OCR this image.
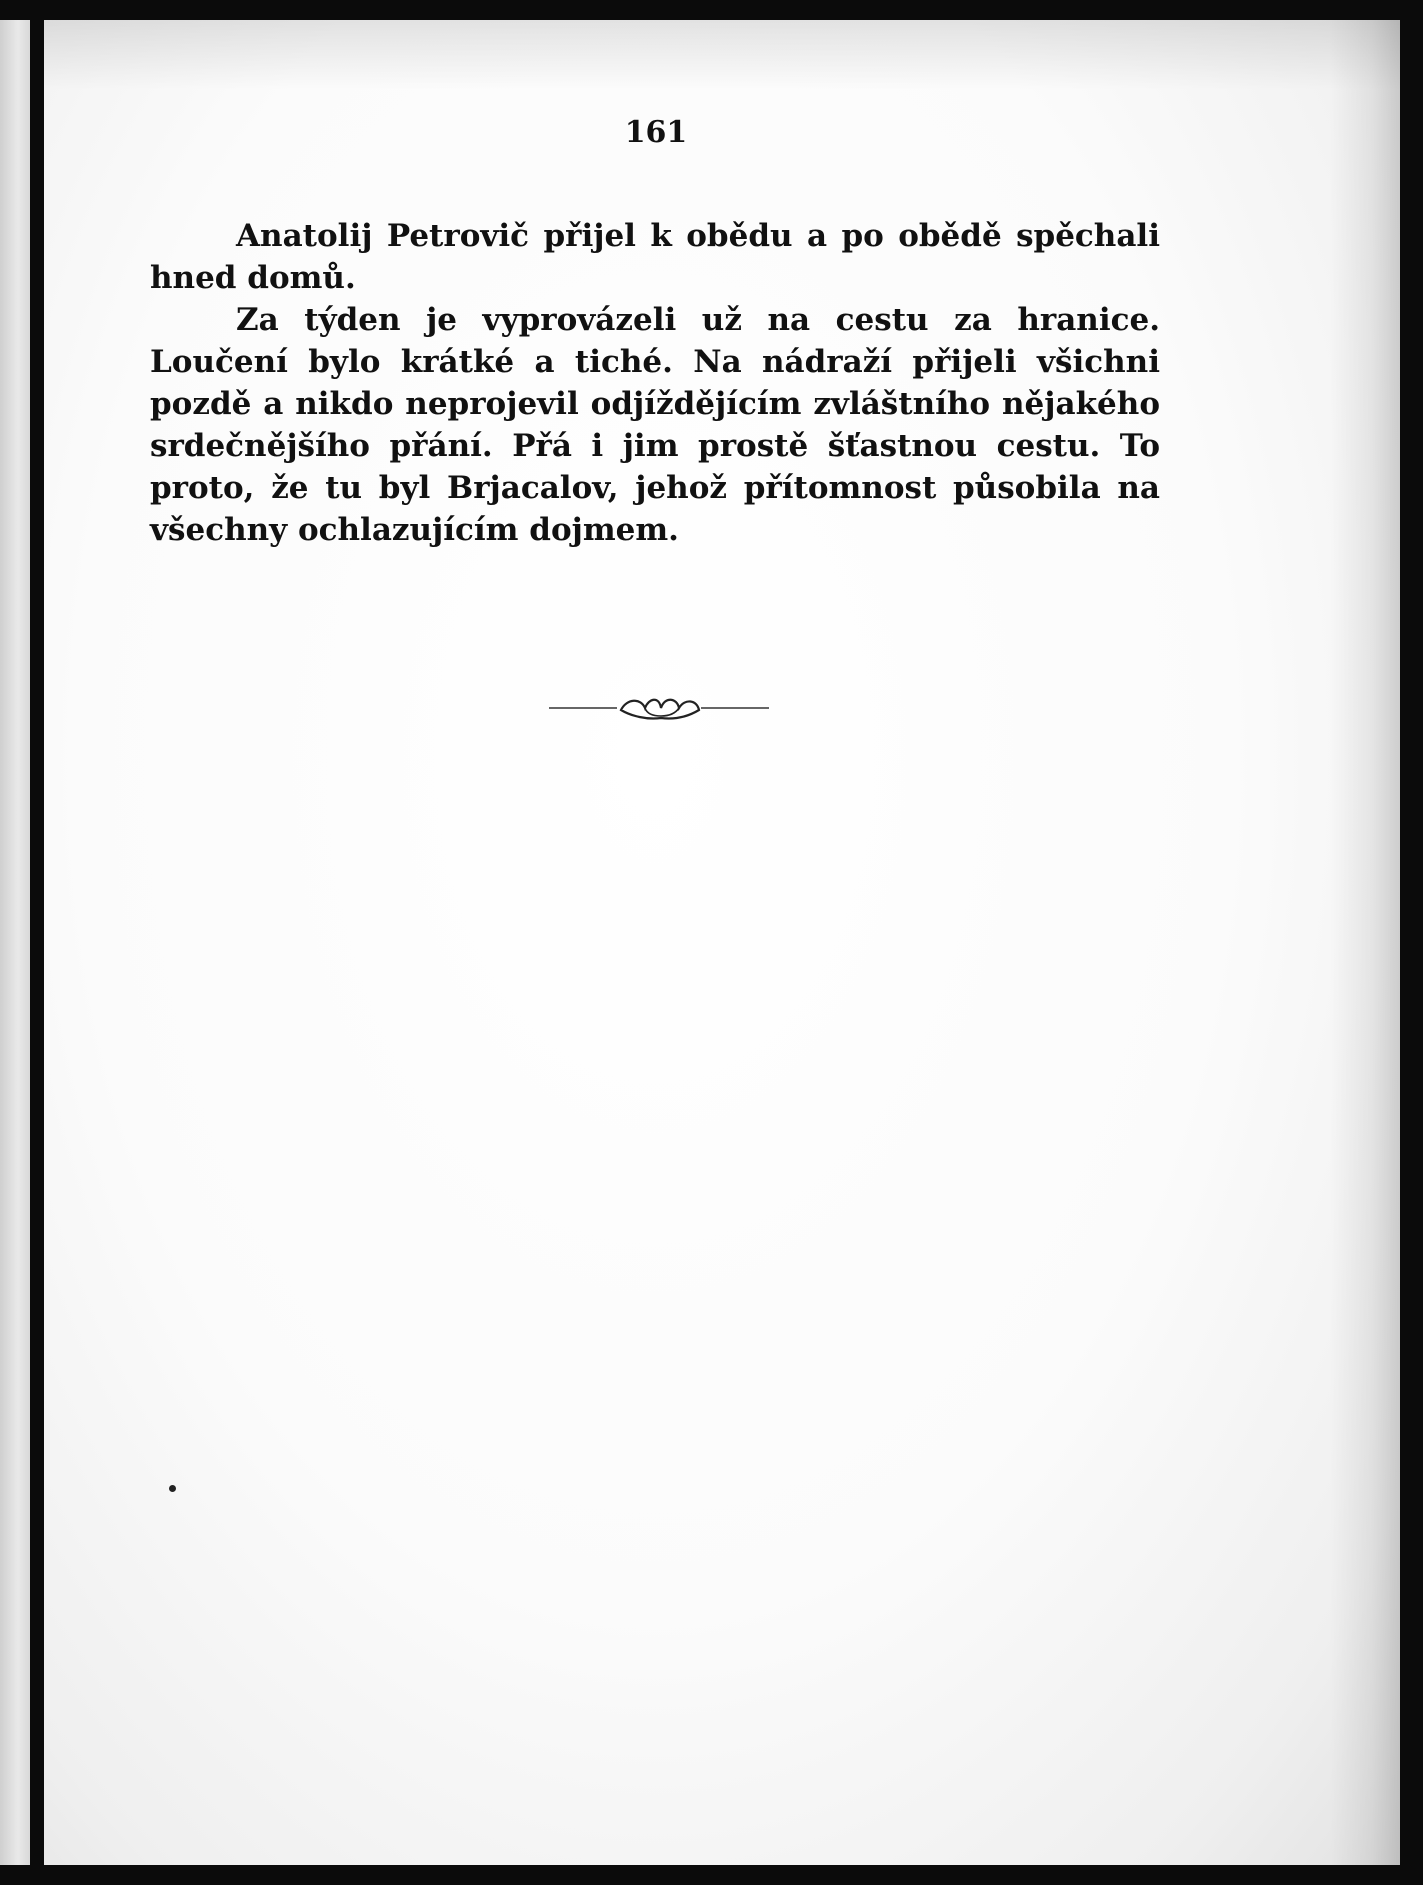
161

Anatolij Petrovič přijel k obědu a po obědě spěchali hned domů.

Za týden je vyprovázeli už na cestu za hranice. Loučení bylo krátké a tiché. Na nádraží přijeli všichni pozdě a nikdo neprojevil odjíždějícím zvláštního nějakého srdečnějšího přání. Přá i jim prostě šťastnou cestu. To proto, že tu byl Brjacalov, jehož přítomnost působila na všechny ochlazujícím dojmem.
